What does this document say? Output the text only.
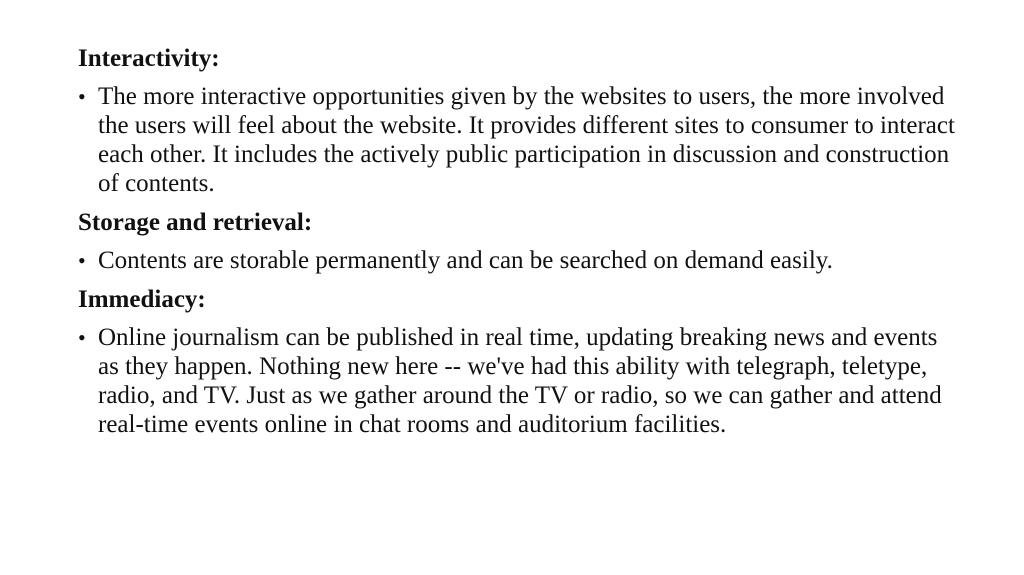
Interactivity:
• The more interactive opportunities given by the websites to users, the more involved the users will feel about the website. It provides different sites to consumer to interact each other. It includes the actively public participation in discussion and construction of contents.
Storage and retrieval:
• Contents are storable permanently and can be searched on demand easily.
Immediacy:
• Online journalism can be published in real time, updating breaking news and events as they happen. Nothing new here -- we've had this ability with telegraph, teletype, radio, and TV. Just as we gather around the TV or radio, so we can gather and attend real-time events online in chat rooms and auditorium facilities.
